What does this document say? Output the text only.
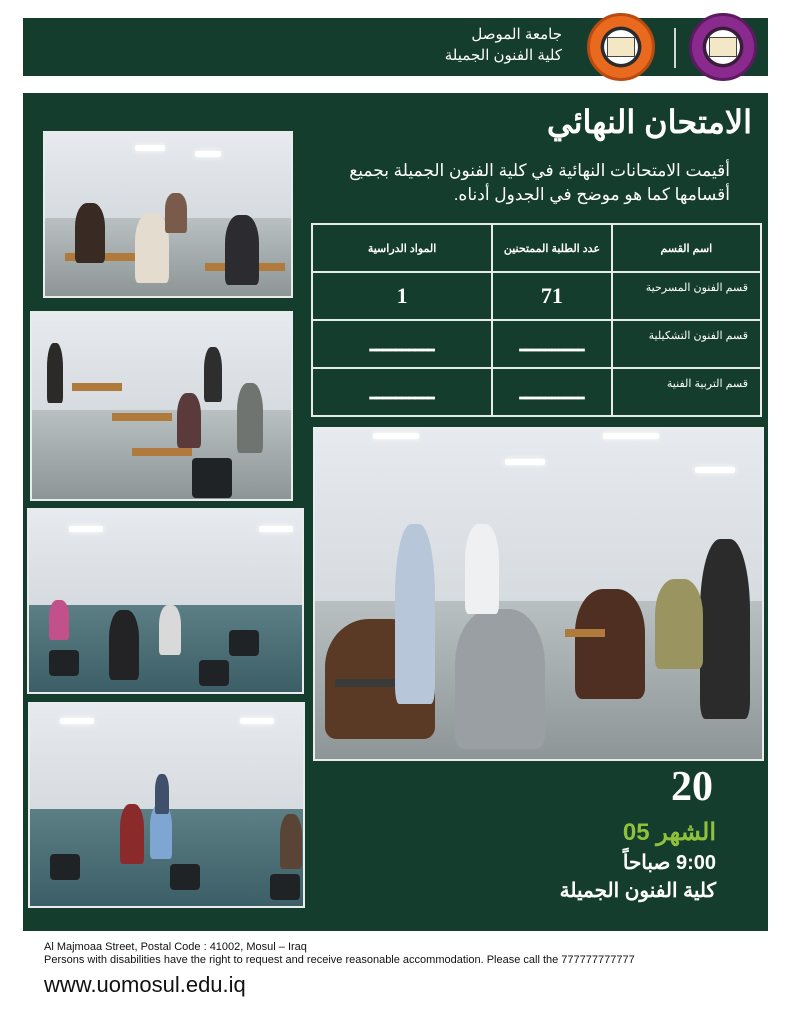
جامعة الموصل
كلية الفنون الجميلة
الامتحان النهائي
أقيمت الامتحانات النهائية في كلية الفنون الجميلة بجميع أقسامها كما هو موضح في الجدول أدناه.
اسم القسم	عدد الطلبة الممتحنين	المواد الدراسية
قسم الفنون المسرحية	71	1
قسم الفنون التشكيلية	ــــــــــ	ــــــــــ
قسم التربية الفنية	ــــــــــ	ــــــــــ
20
الشهر 05
9:00 صباحاً
كلية الفنون الجميلة
Al Majmoaa Street, Postal Code : 41002, Mosul – Iraq
Persons with disabilities have the right to request and receive reasonable accommodation. Please call the 777777777777
www.uomosul.edu.iq
